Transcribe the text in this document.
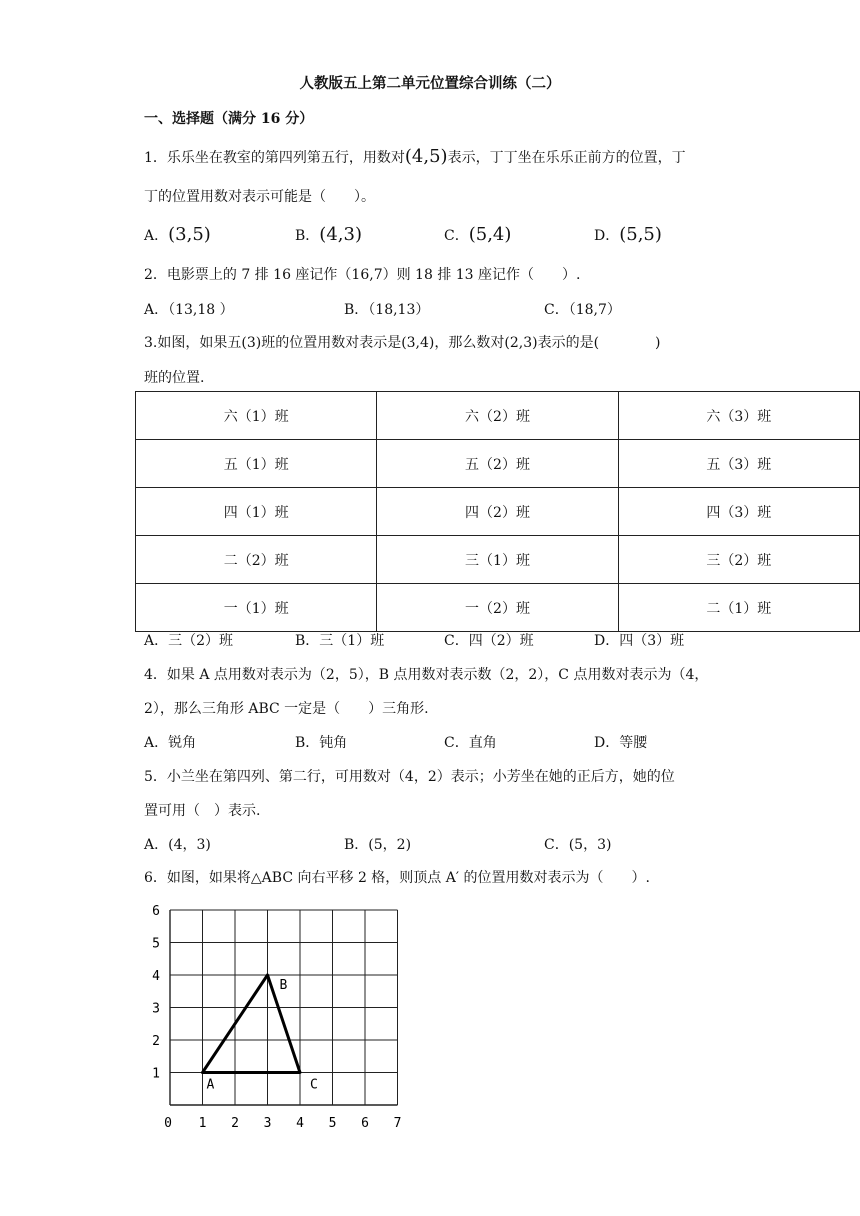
人教版五上第二单元位置综合训练（二）
一、选择题（满分 16 分）
1．乐乐坐在教室的第四列第五行，用数对(4,5)表示，丁丁坐在乐乐正前方的位置，丁
丁的位置用数对表示可能是（　　）。
A．(3,5)	B．(4,3)	C．(5,4)	D．(5,5)
2．电影票上的 7 排 16 座记作（16,7）则 18 排 13 座记作（　　）.
A．（13,18 ）	B．（18,13）	C．（18,7）
3.如图，如果五(3)班的位置用数对表示是(3,4)，那么数对(2,3)表示的是(　　　　)
班的位置.
六（1）班	六（2）班	六（3）班
五（1）班	五（2）班	五（3）班
四（1）班	四（2）班	四（3）班
二（2）班	三（1）班	三（2）班
一（1）班	一（2）班	二（1）班
A．三（2）班	B．三（1）班	C．四（2）班	D．四（3）班
4．如果 A 点用数对表示为（2，5），B 点用数对表示数（2，2），C 点用数对表示为（4，
2），那么三角形 ABC 一定是（　　）三角形.
A．锐角	B．钝角	C．直角	D．等腰
5．小兰坐在第四列、第二行，可用数对（4，2）表示；小芳坐在她的正后方，她的位
置可用（　）表示.
A．(4，3)	B．(5，2)	C．(5，3)
6．如图，如果将△ABC 向右平移 2 格，则顶点 A′ 的位置用数对表示为（　　）.
0 1 2 3 4 5 6 7
1
2
3
4
5
6
A
B
C
